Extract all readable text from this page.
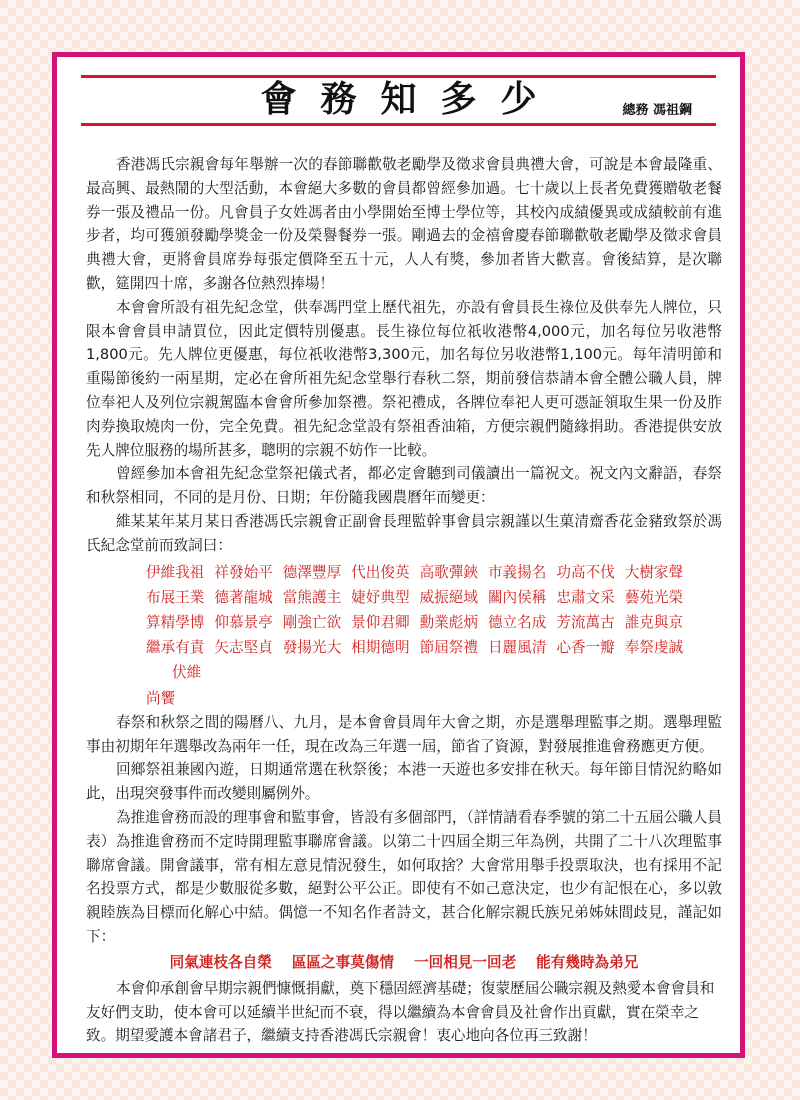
會務知多少	總務 馮祖鋼

香港馮氏宗親會每年舉辦一次的春節聯歡敬老勵學及徵求會員典禮大會，可說是本會最隆重、最高興、最熱鬧的大型活動，本會絕大多數的會員都曾經參加過。七十歲以上長者免費獲贈敬老餐券一張及禮品一份。凡會員子女姓馮者由小學開始至博士學位等，其校內成績優異或成績較前有進步者，均可獲頒發勵學獎金一份及榮譽餐券一張。剛過去的金禧會慶春節聯歡敬老勵學及徵求會員典禮大會，更將會員席券每張定價降至五十元，人人有獎，參加者皆大歡喜。會後結算，是次聯歡，筵開四十席，多謝各位熱烈捧場！

本會會所設有祖先紀念堂，供奉馮門堂上歷代祖先，亦設有會員長生祿位及供奉先人牌位，只限本會會員申請買位，因此定價特別優惠。長生祿位每位祇收港幣4,000元，加名每位另收港幣1,800元。先人牌位更優惠，每位祇收港幣3,300元，加名每位另收港幣1,100元。每年清明節和重陽節後約一兩星期，定必在會所祖先紀念堂舉行春秋二祭，期前發信恭請本會全體公職人員，牌位奉祀人及列位宗親駕臨本會會所參加祭禮。祭祀禮成，各牌位奉祀人更可憑証領取生果一份及胙肉券換取燒肉一份，完全免費。祖先紀念堂設有祭祖香油箱，方便宗親們隨緣捐助。香港提供安放先人牌位服務的場所甚多，聰明的宗親不妨作一比較。

曾經參加本會祖先紀念堂祭祀儀式者，都必定會聽到司儀讀出一篇祝文。祝文內文辭語，春祭和秋祭相同，不同的是月份、日期；年份隨我國農曆年而變更：

維某某年某月某日香港馮氏宗親會正副會長理監幹事會員宗親謹以生菓清齋香花金豬致祭於馮氏紀念堂前而致詞曰：

伊維我祖 祥發始平 德澤豐厚 代出俊英 高歌彈鋏 市義揚名 功高不伐 大樹家聲
布展王業 德著龍城 當熊護主 婕妤典型 威振絕域 關內侯稱 忠肅文采 藝苑光榮
算精學博 仰慕景亭 剛強亡欲 景仰君卿 勳業彪炳 德立名成 芳流萬古 誰克與京
繼承有責 矢志堅貞 發揚光大 相期德明 節屆祭禮 日麗風清 心香一瓣 奉祭虔誠
伏維
尚饗

春祭和秋祭之間的陽曆八、九月，是本會會員周年大會之期，亦是選舉理監事之期。選舉理監事由初期年年選舉改為兩年一任，現在改為三年選一屆，節省了資源，對發展推進會務應更方便。

回鄉祭祖兼國內遊，日期通常選在秋祭後；本港一天遊也多安排在秋天。每年節目情況約略如此，出現突發事件而改變則屬例外。

為推進會務而設的理事會和監事會，皆設有多個部門，（詳情請看春季號的第二十五屆公職人員表）為推進會務而不定時開理監事聯席會議。以第二十四屆全期三年為例，共開了二十八次理監事聯席會議。開會議事，常有相左意見情況發生，如何取捨？大會常用舉手投票取決，也有採用不記名投票方式，都是少數服從多數，絕對公平公正。即使有不如己意決定，也少有記恨在心，多以敦親睦族為目標而化解心中結。偶憶一不知名作者詩文，甚合化解宗親氏族兄弟姊妹間歧見，謹記如下：

同氣連枝各自榮 區區之事莫傷情 一回相見一回老 能有幾時為弟兄

本會仰承創會早期宗親們慷慨捐獻，奠下穩固經濟基礎；復蒙歷屆公職宗親及熱愛本會會員和友好們支助，使本會可以延續半世紀而不衰，得以繼續為本會會員及社會作出貢獻，實在榮幸之致。期望愛護本會諸君子，繼續支持香港馮氏宗親會！衷心地向各位再三致謝！
